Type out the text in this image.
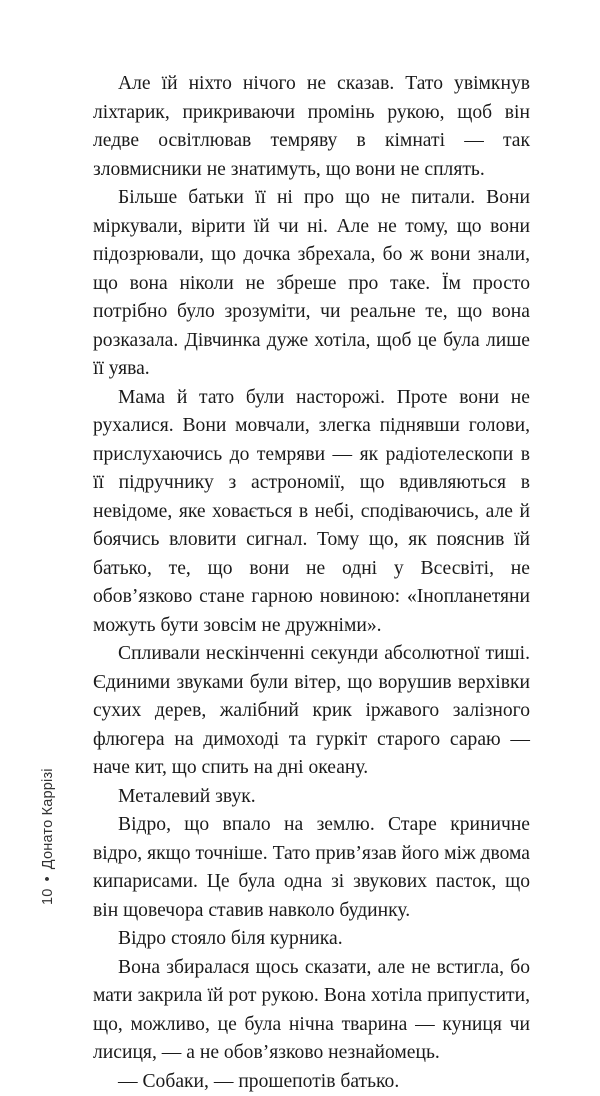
Але їй ніхто нічого не сказав. Тато увімкнув ліхтарик, прикриваючи промінь рукою, щоб він ледве освітлював темряву в кімнаті — так зловмисники не знатимуть, що вони не сплять.

Більше батьки її ні про що не питали. Вони міркували, вірити їй чи ні. Але не тому, що вони підозрювали, що дочка збрехала, бо ж вони знали, що вона ніколи не збреше про таке. Їм просто потрібно було зрозуміти, чи реальне те, що вона розказала. Дівчинка дуже хотіла, щоб це була лише її уява.

Мама й тато були насторожі. Проте вони не рухалися. Вони мовчали, злегка піднявши голови, прислухаючись до темряви — як радіотелескопи в її підручнику з астрономії, що вдивляються в невідоме, яке ховається в небі, сподіваючись, але й боячись вловити сигнал. Тому що, як пояснив їй батько, те, що вони не одні у Всесвіті, не обов’язково стане гарною новиною: «Інопланетяни можуть бути зовсім не дружніми».

Спливали нескінченні секунди абсолютної тиші. Єдиними звуками були вітер, що ворушив верхівки сухих дерев, жалібний крик іржавого залізного флюгера на димоході та гуркіт старого сараю — наче кит, що спить на дні океану.

Металевий звук.

Відро, що впало на землю. Старе криничне відро, якщо точніше. Тато прив’язав його між двома кипарисами. Це була одна зі звукових пасток, що він щовечора ставив навколо будинку.

Відро стояло біля курника.

Вона збиралася щось сказати, але не встигла, бо мати закрила їй рот рукою. Вона хотіла припустити, що, можливо, це була нічна тварина — куниця чи лисиця, — а не обов’язково незнайомець.

— Собаки, — прошепотів батько.

10•Донато Каррізі
